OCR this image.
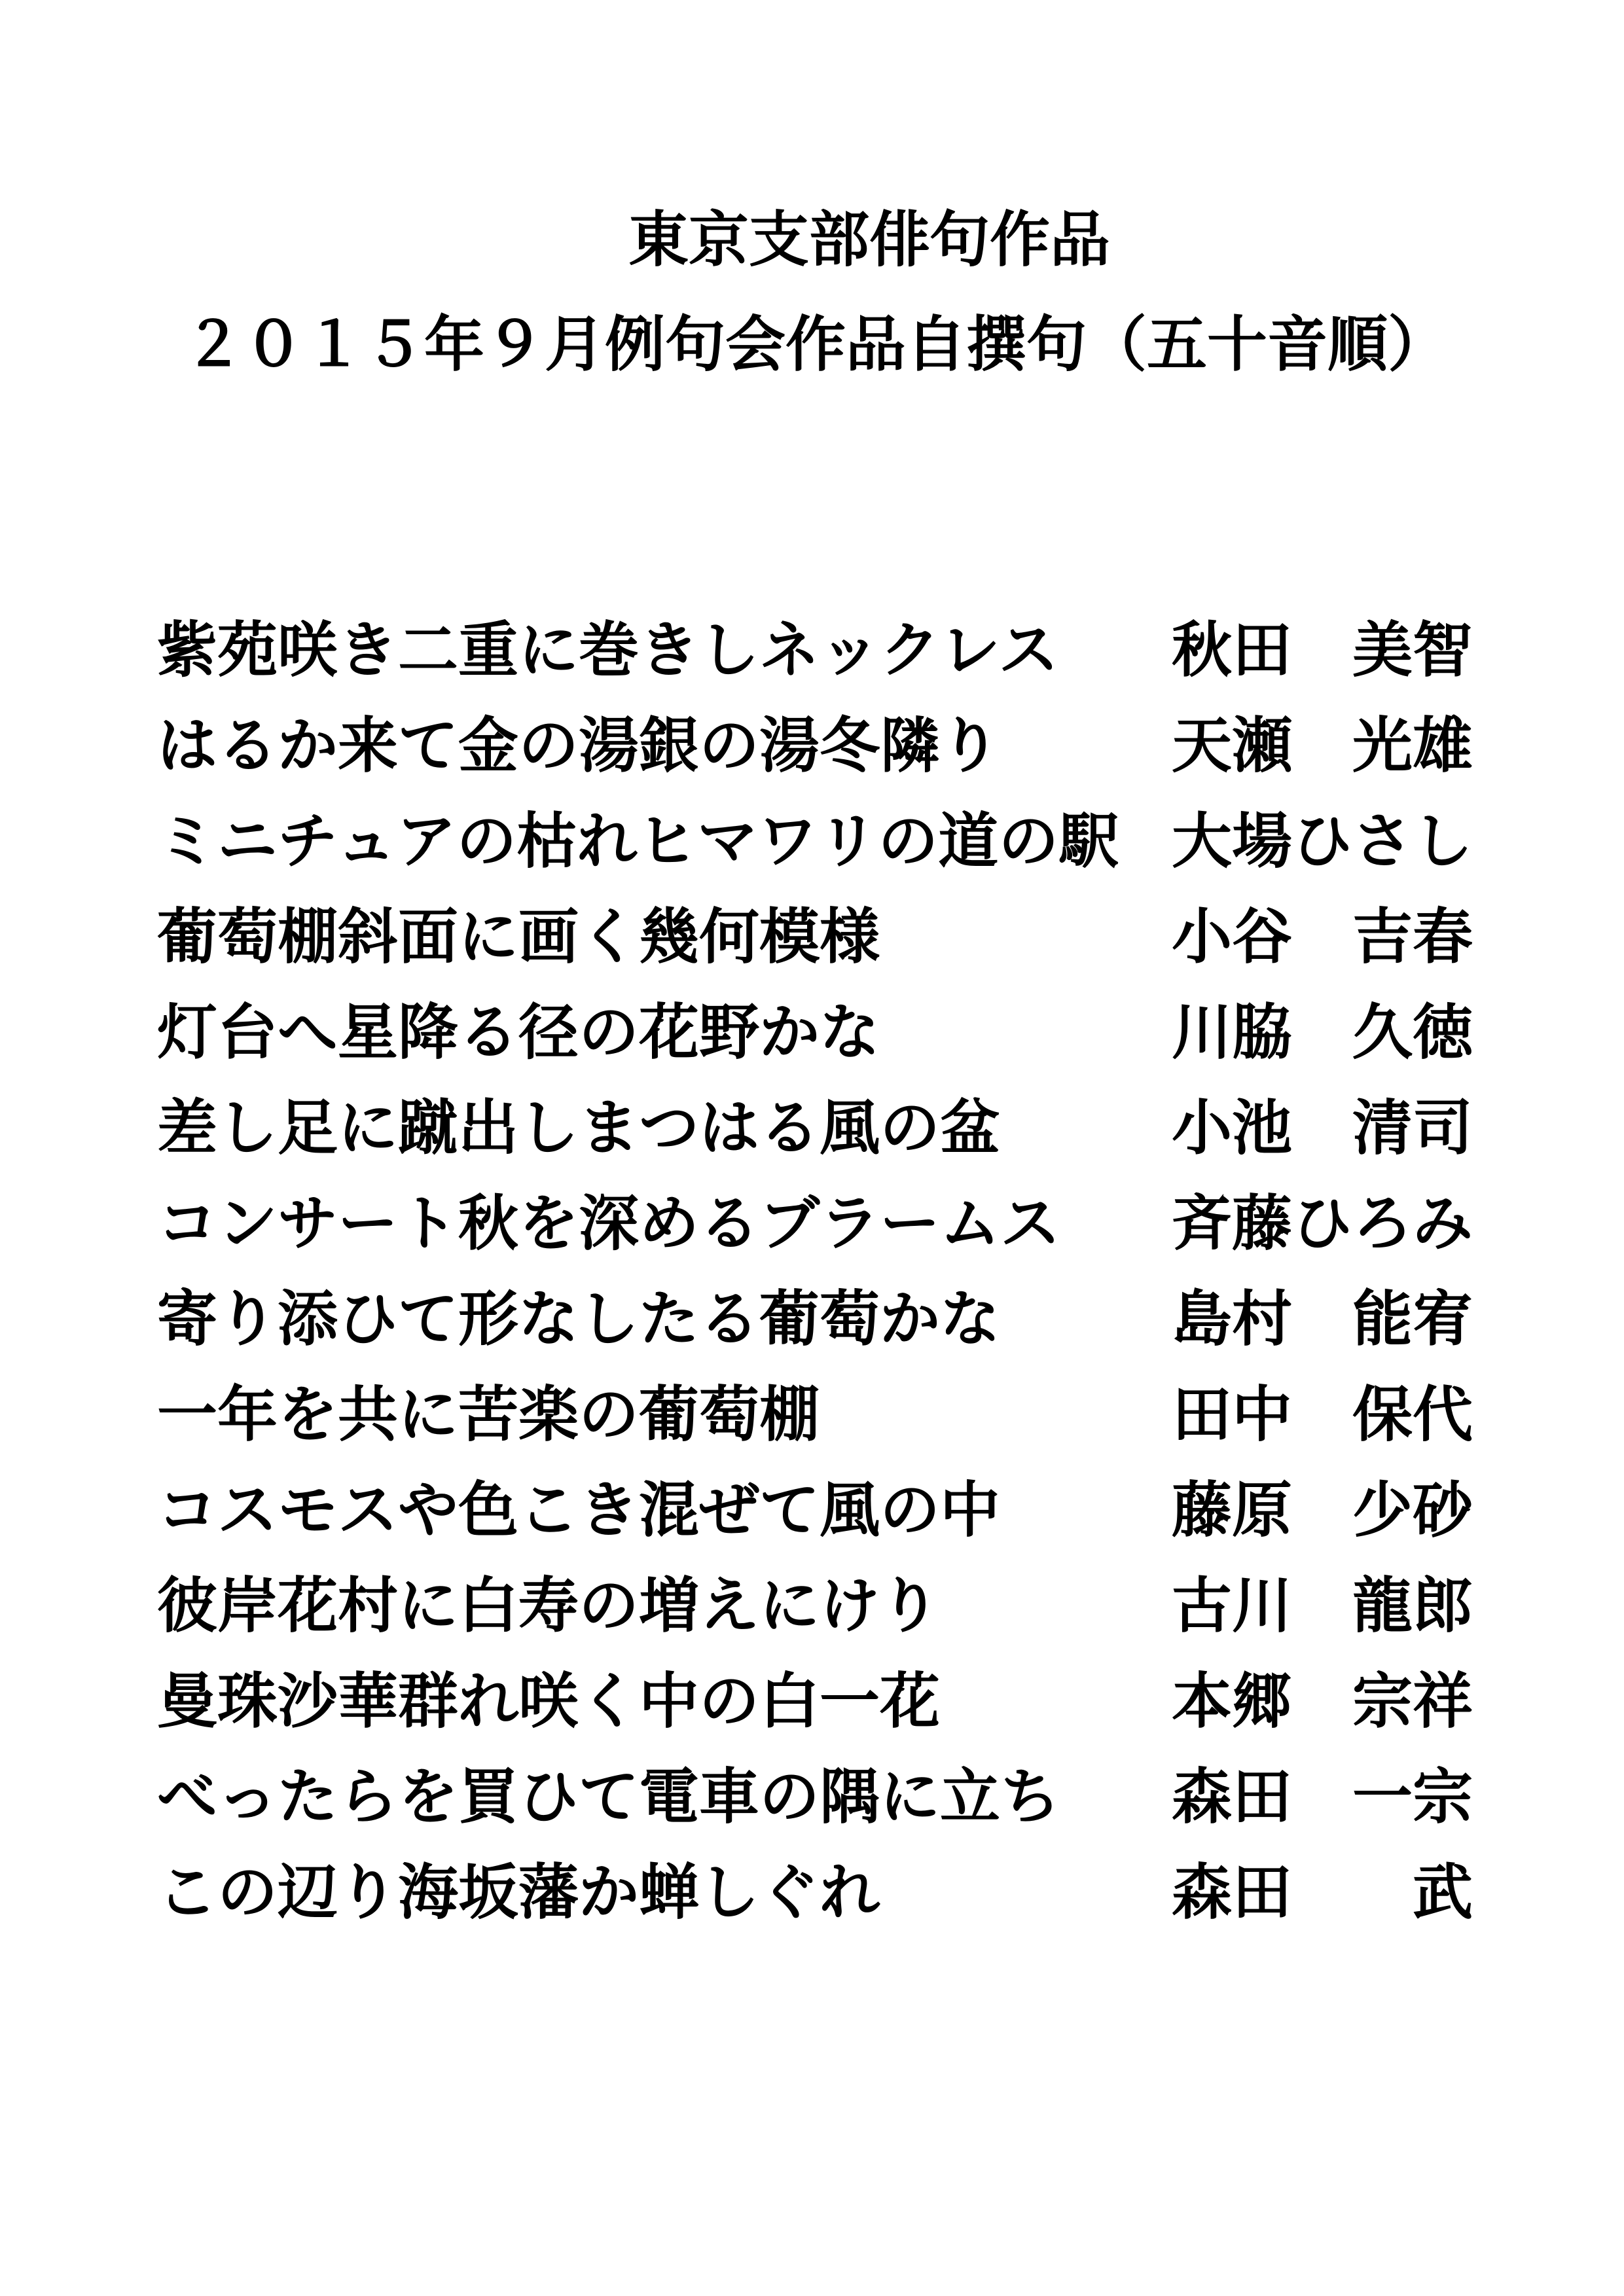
東京支部俳句作品
２０１５年９月例句会作品自撰句（五十音順）
紫苑咲き二重に巻きしネックレス 秋田 美智
はるか来て金の湯銀の湯冬隣り	天瀬 光雄
ミニチュアの枯れヒマワリの道の駅 大場ひさし
葡萄棚斜面に画く幾何模様	小谷 吉春
灯台へ星降る径の花野かな	川脇 久徳
差し足に蹴出しまつはる風の盆	小池 清司
コンサート秋を深めるブラームス 斉藤ひろみ
寄り添ひて形なしたる葡萄かな	島村 能宥
一年を共に苦楽の葡萄棚	田中 保代
コスモスや色こき混ぜて風の中	藤原 少砂
彼岸花村に白寿の増えにけり	古川 龍郎
曼珠沙華群れ咲く中の白一花	本郷 宗祥
べったらを買ひて電車の隅に立ち 森田 一宗
この辺り海坂藩か蝉しぐれ	森田 武
